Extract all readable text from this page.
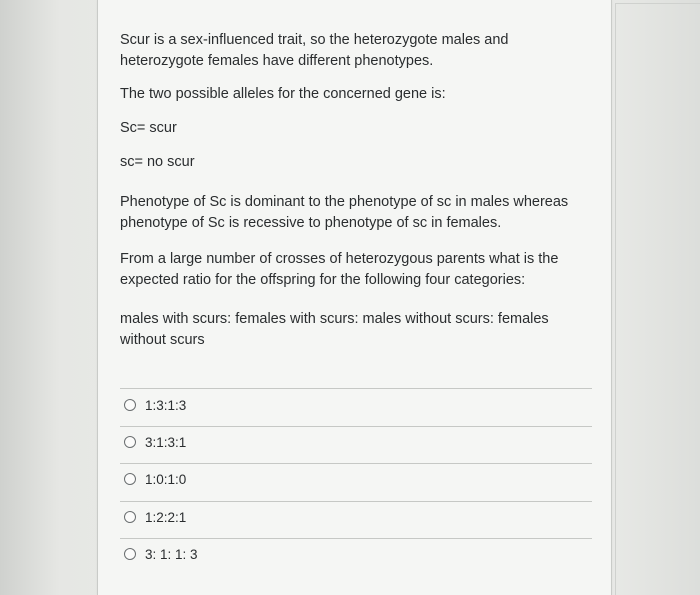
Scur is a sex-influenced trait, so the heterozygote males and heterozygote females have different phenotypes.

The two possible alleles for the concerned gene is:

Sc= scur

sc= no scur

Phenotype of Sc is dominant to the phenotype of sc in males whereas phenotype of Sc is recessive to phenotype of sc in females.

From a large number of crosses of heterozygous parents what is the expected ratio for the offspring for the following four categories:

males with scurs: females with scurs: males without scurs: females without scurs

1:3:1:3
3:1:3:1
1:0:1:0
1:2:2:1
3: 1: 1: 3
